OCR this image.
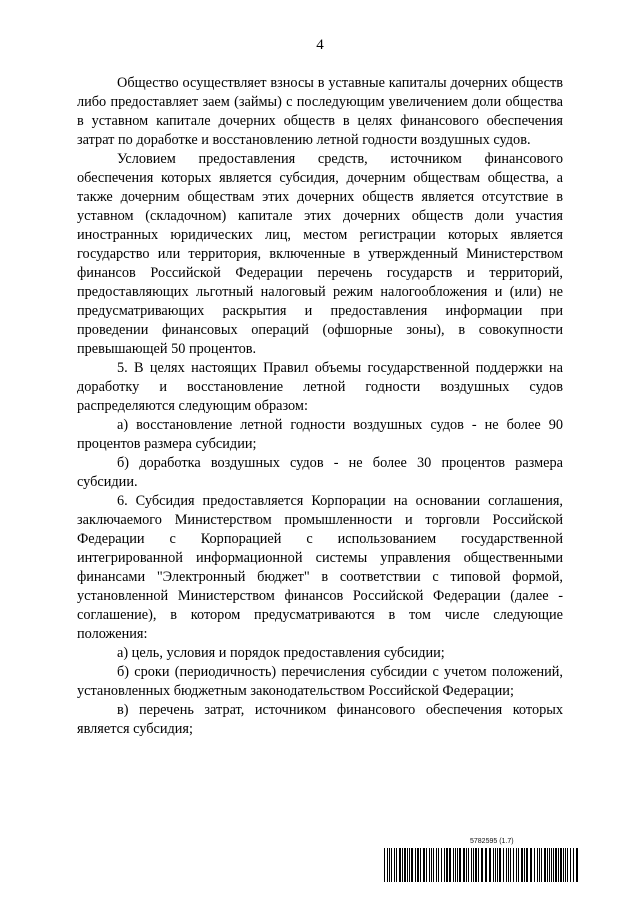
4

Общество осуществляет взносы в уставные капиталы дочерних обществ либо предоставляет заем (займы) с последующим увеличением доли общества в уставном капитале дочерних обществ в целях финансового обеспечения затрат по доработке и восстановлению летной годности воздушных судов.

Условием предоставления средств, источником финансового обеспечения которых является субсидия, дочерним обществам общества, а также дочерним обществам этих дочерних обществ является отсутствие в уставном (складочном) капитале этих дочерних обществ доли участия иностранных юридических лиц, местом регистрации которых является государство или территория, включенные в утвержденный Министерством финансов Российской Федерации перечень государств и территорий, предоставляющих льготный налоговый режим налогообложения и (или) не предусматривающих раскрытия и предоставления информации при проведении финансовых операций (офшорные зоны), в совокупности превышающей 50 процентов.

5. В целях настоящих Правил объемы государственной поддержки на доработку и восстановление летной годности воздушных судов распределяются следующим образом:

а) восстановление летной годности воздушных судов - не более 90 процентов размера субсидии;

б) доработка воздушных судов - не более 30 процентов размера субсидии.

6. Субсидия предоставляется Корпорации на основании соглашения, заключаемого Министерством промышленности и торговли Российской Федерации с Корпорацией с использованием государственной интегрированной информационной системы управления общественными финансами "Электронный бюджет" в соответствии с типовой формой, установленной Министерством финансов Российской Федерации (далее - соглашение), в котором предусматриваются в том числе следующие положения:

а) цель, условия и порядок предоставления субсидии;

б) сроки (периодичность) перечисления субсидии с учетом положений, установленных бюджетным законодательством Российской Федерации;

в) перечень затрат, источником финансового обеспечения которых является субсидия;

5782595 (1.7)
